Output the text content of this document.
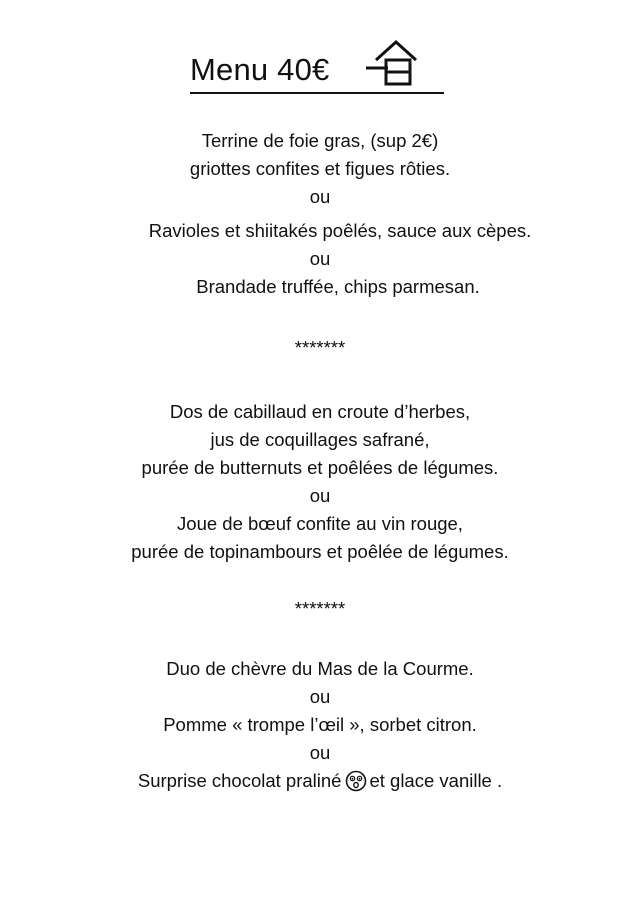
Menu 40€
Terrine de foie gras, (sup 2€)
griottes confites et figues rôties.
ou
Ravioles et shiitakés poêlés, sauce aux cèpes.
ou
Brandade truffée, chips parmesan.
*******
Dos de cabillaud en croute d’herbes,
jus de coquillages safrané,
purée de butternuts et poêlées de légumes.
ou
Joue de bœuf confite au vin rouge,
purée de topinambours et poêlée de légumes.
*******
Duo de chèvre du Mas de la Courme.
ou
Pomme « trompe l’œil », sorbet citron.
ou
Surprise chocolat praliné et glace vanille .
